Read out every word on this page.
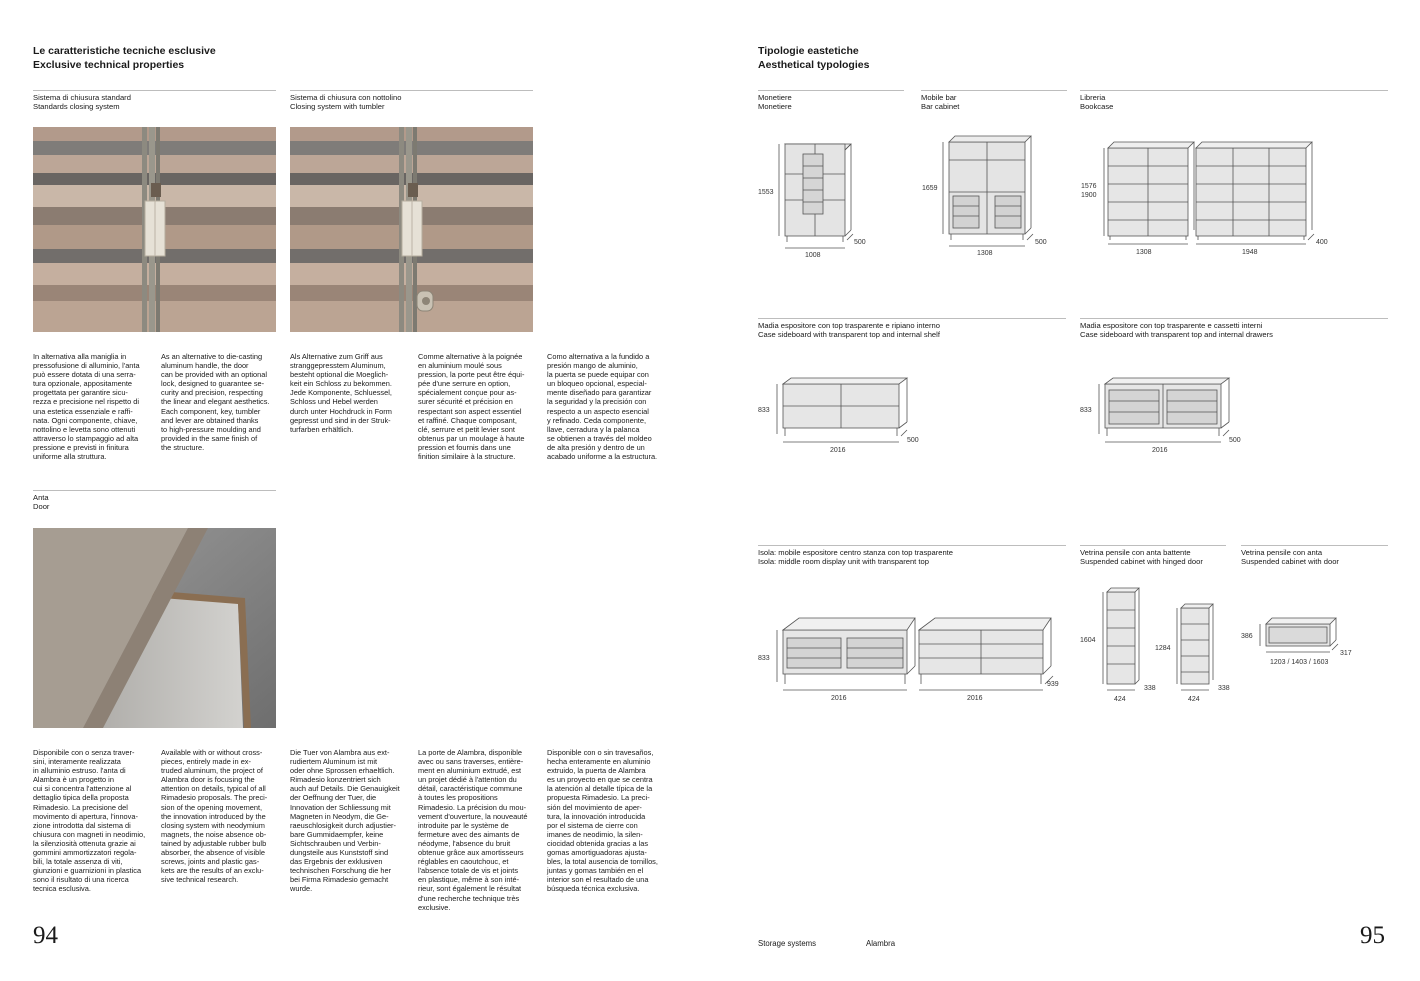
Le caratteristiche tecniche esclusive
Exclusive technical properties
Sistema di chiusura standard
Standards closing system
Sistema di chiusura con nottolino
Closing system with tumbler
In alternativa alla maniglia in
pressofusione di alluminio, l'anta
può essere dotata di una serra-
tura opzionale, appositamente
progettata per garantire sicu-
rezza e precisione nel rispetto di
una estetica essenziale e raffi-
nata. Ogni componente, chiave,
nottolino e levetta sono ottenuti
attraverso lo stampaggio ad alta
pressione e previsti in finitura
uniforme alla struttura.
As an alternative to die-casting
aluminum handle, the door
can be provided with an optional
lock, designed to guarantee se-
curity and precision, respecting
the linear and elegant aesthetics.
Each component, key, tumbler
and lever are obtained thanks
to high-pressure moulding and
provided in the same finish of
the structure.
Als Alternative zum Griff aus
stranggepresstem Aluminum,
besteht optional die Moeglich-
keit ein Schloss zu bekommen.
Jede Komponente, Schluessel,
Schloss und Hebel werden
durch unter Hochdruck in Form
gepresst und sind in der Struk-
turfarben erhältlich.
Comme alternative à la poignée
en aluminium moulé sous
pression, la porte peut être équi-
pée d'une serrure en option,
spécialement conçue pour as-
surer sécurité et précision en
respectant son aspect essentiel
et raffiné. Chaque composant,
clé, serrure et petit levier sont
obtenus par un moulage à haute
pression et fournis dans une
finition similaire à la structure.
Como alternativa a la fundido a
presión mango de aluminio,
la puerta se puede equipar con
un bloqueo opcional, especial-
mente diseñado para garantizar
la seguridad y la precisión con
respecto a un aspecto esencial
y refinado. Ceda componente,
llave, cerradura y la palanca
se obtienen a través del moldeo
de alta presión y dentro de un
acabado uniforme a la estructura.
Anta
Door
Disponibile con o senza traver-
sini, interamente realizzata
in alluminio estruso. l'anta di
Alambra è un progetto in
cui si concentra l'attenzione al
dettaglio tipica della proposta
Rimadesio. La precisione del
movimento di apertura, l'innova-
zione introdotta dal sistema di
chiusura con magneti in neodimio,
la silenziosità ottenuta grazie ai
gommini ammortizzatori regola-
bili, la totale assenza di viti,
giunzioni e guarnizioni in plastica
sono il risultato di una ricerca
tecnica esclusiva.
Available with or without cross-
pieces, entirely made in ex-
truded aluminum, the project of
Alambra door is focusing the
attention on details, typical of all
Rimadesio proposals. The preci-
sion of the opening movement,
the innovation introduced by the
closing system with neodymium
magnets, the noise absence ob-
tained by adjustable rubber bulb
absorber, the absence of visible
screws, joints and plastic gas-
kets are the results of an exclu-
sive technical research.
Die Tuer von Alambra aus ext-
rudiertem Aluminum ist mit
oder ohne Sprossen erhaeltlich.
Rimadesio konzentriert sich
auch auf Details. Die Genauigkeit
der Oeffnung der Tuer, die
Innovation der Schliessung mit
Magneten in Neodym, die Ge-
raeuschlosigkeit durch adjustier-
bare Gummidaempfer, keine
Sichtschrauben und Verbin-
dungsteile aus Kunststoff sind
das Ergebnis der exklusiven
technischen Forschung die her
bei Firma Rimadesio gemacht
wurde.
La porte de Alambra, disponible
avec ou sans traverses, entière-
ment en aluminium extrudé, est
un projet dédié à l'attention du
détail, caractéristique commune
à toutes les propositions
Rimadesio. La précision du mou-
vement d'ouverture, la nouveauté
introduite par le système de
fermeture avec des aimants de
néodyme, l'absence du bruit
obtenue grâce aux amortisseurs
réglables en caoutchouc, et
l'absence totale de vis et joints
en plastique, même à son inté-
rieur, sont également le résultat
d'une recherche technique très
exclusive.
Disponible con o sin travesaños,
hecha enteramente en aluminio
extruido, la puerta de Alambra
es un proyecto en que se centra
la atención al detalle típica de la
propuesta Rimadesio. La preci-
sión del movimiento de aper-
tura, la innovación introducida
por el sistema de cierre con
imanes de neodimio, la silen-
ciocidad obtenida gracias a las
gomas amortiguadoras ajusta-
bles, la total ausencia de tornillos,
juntas y gomas también en el
interior son el resultado de una
búsqueda técnica exclusiva.
94
Tipologie eastetiche
Aesthetical typologies
Monetiere
Monetiere
Mobile bar
Bar cabinet
Libreria
Bookcase
1553
1008
500
1659
1308
500
1576
1900
1308	1948
400
Madia espositore con top trasparente e ripiano interno
Case sideboard with transparent top and internal shelf
Madia espositore con top trasparente e cassetti interni
Case sideboard with transparent top and internal drawers
833
2016
500
833
2016
500
Isola: mobile espositore centro stanza con top trasparente
Isola: middle room display unit with transparent top
Vetrina pensile con anta battente
Suspended cabinet with hinged door
Vetrina pensile con anta
Suspended cabinet with door
833
2016	2016
939
1604
1284
424	424
338	338
386
1203 / 1403 / 1603
317
Storage systems	Alambra	95
